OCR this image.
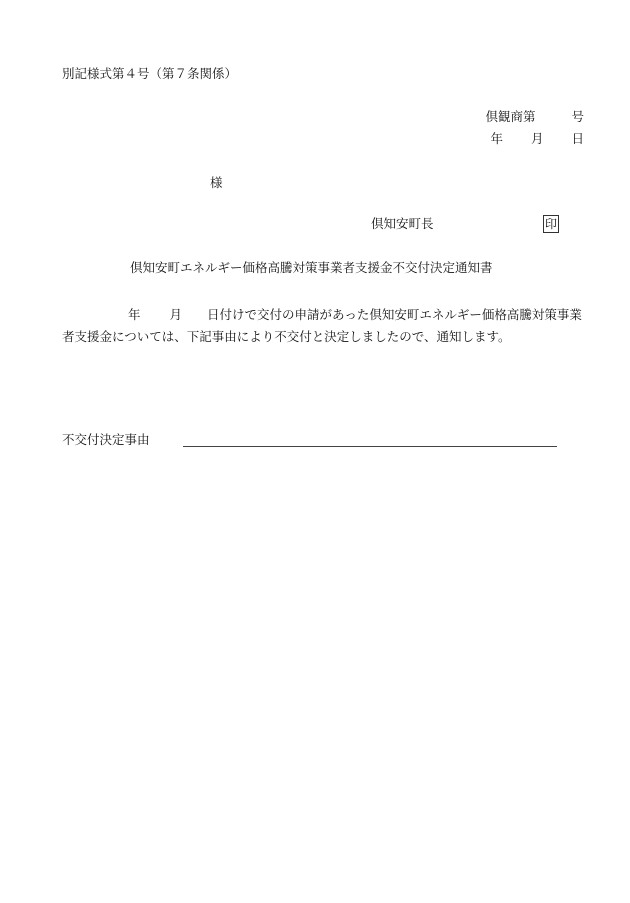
別記様式第４号（第７条関係）
倶観商第	号
年 月 日
様
倶知安町長	印
倶知安町エネルギー価格高騰対策事業者支援金不交付決定通知書
年 月 日付けで交付の申請があった倶知安町エネルギー価格高騰対策事業者支援金については、下記事由により不交付と決定しましたので、通知します。
不交付決定事由
